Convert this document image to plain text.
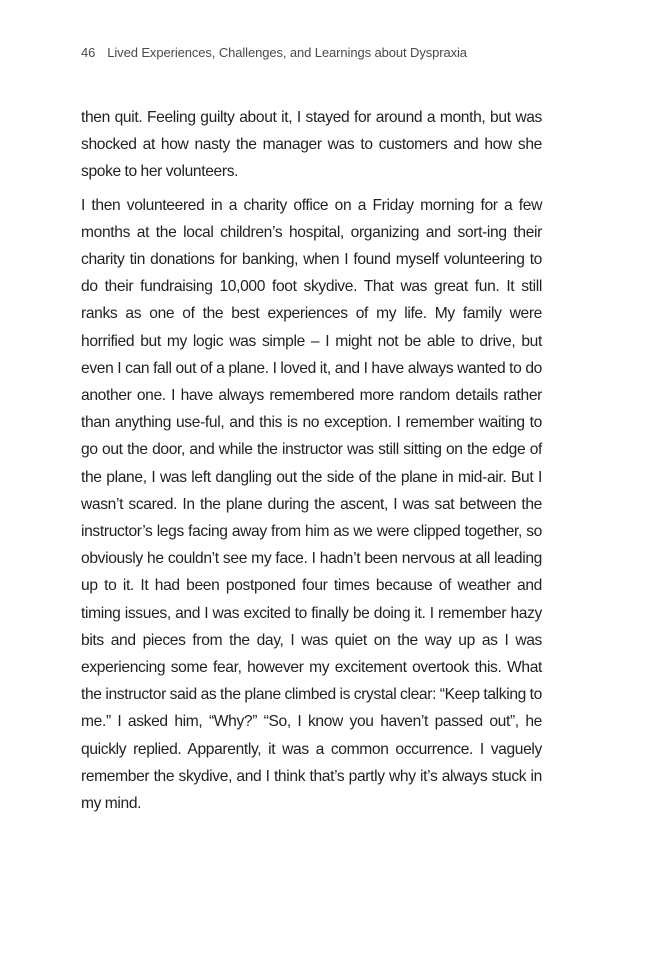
46 Lived Experiences, Challenges, and Learnings about Dyspraxia

then quit. Feeling guilty about it, I stayed for around a month, but was shocked at how nasty the manager was to customers and how she spoke to her volunteers.

I then volunteered in a charity office on a Friday morning for a few months at the local children’s hospital, organizing and sort-ing their charity tin donations for banking, when I found myself volunteering to do their fundraising 10,000 foot skydive. That was great fun. It still ranks as one of the best experiences of my life. My family were horrified but my logic was simple – I might not be able to drive, but even I can fall out of a plane. I loved it, and I have always wanted to do another one. I have always remembered more random details rather than anything use-ful, and this is no exception. I remember waiting to go out the door, and while the instructor was still sitting on the edge of the plane, I was left dangling out the side of the plane in mid-air. But I wasn’t scared. In the plane during the ascent, I was sat between the instructor’s legs facing away from him as we were clipped together, so obviously he couldn’t see my face. I hadn’t been nervous at all leading up to it. It had been postponed four times because of weather and timing issues, and I was excited to finally be doing it. I remember hazy bits and pieces from the day, I was quiet on the way up as I was experiencing some fear, however my excitement overtook this. What the instructor said as the plane climbed is crystal clear: “Keep talking to me.” I asked him, “Why?” “So, I know you haven’t passed out”, he quickly replied. Apparently, it was a common occurrence. I vaguely remember the skydive, and I think that’s partly why it’s always stuck in my mind.
